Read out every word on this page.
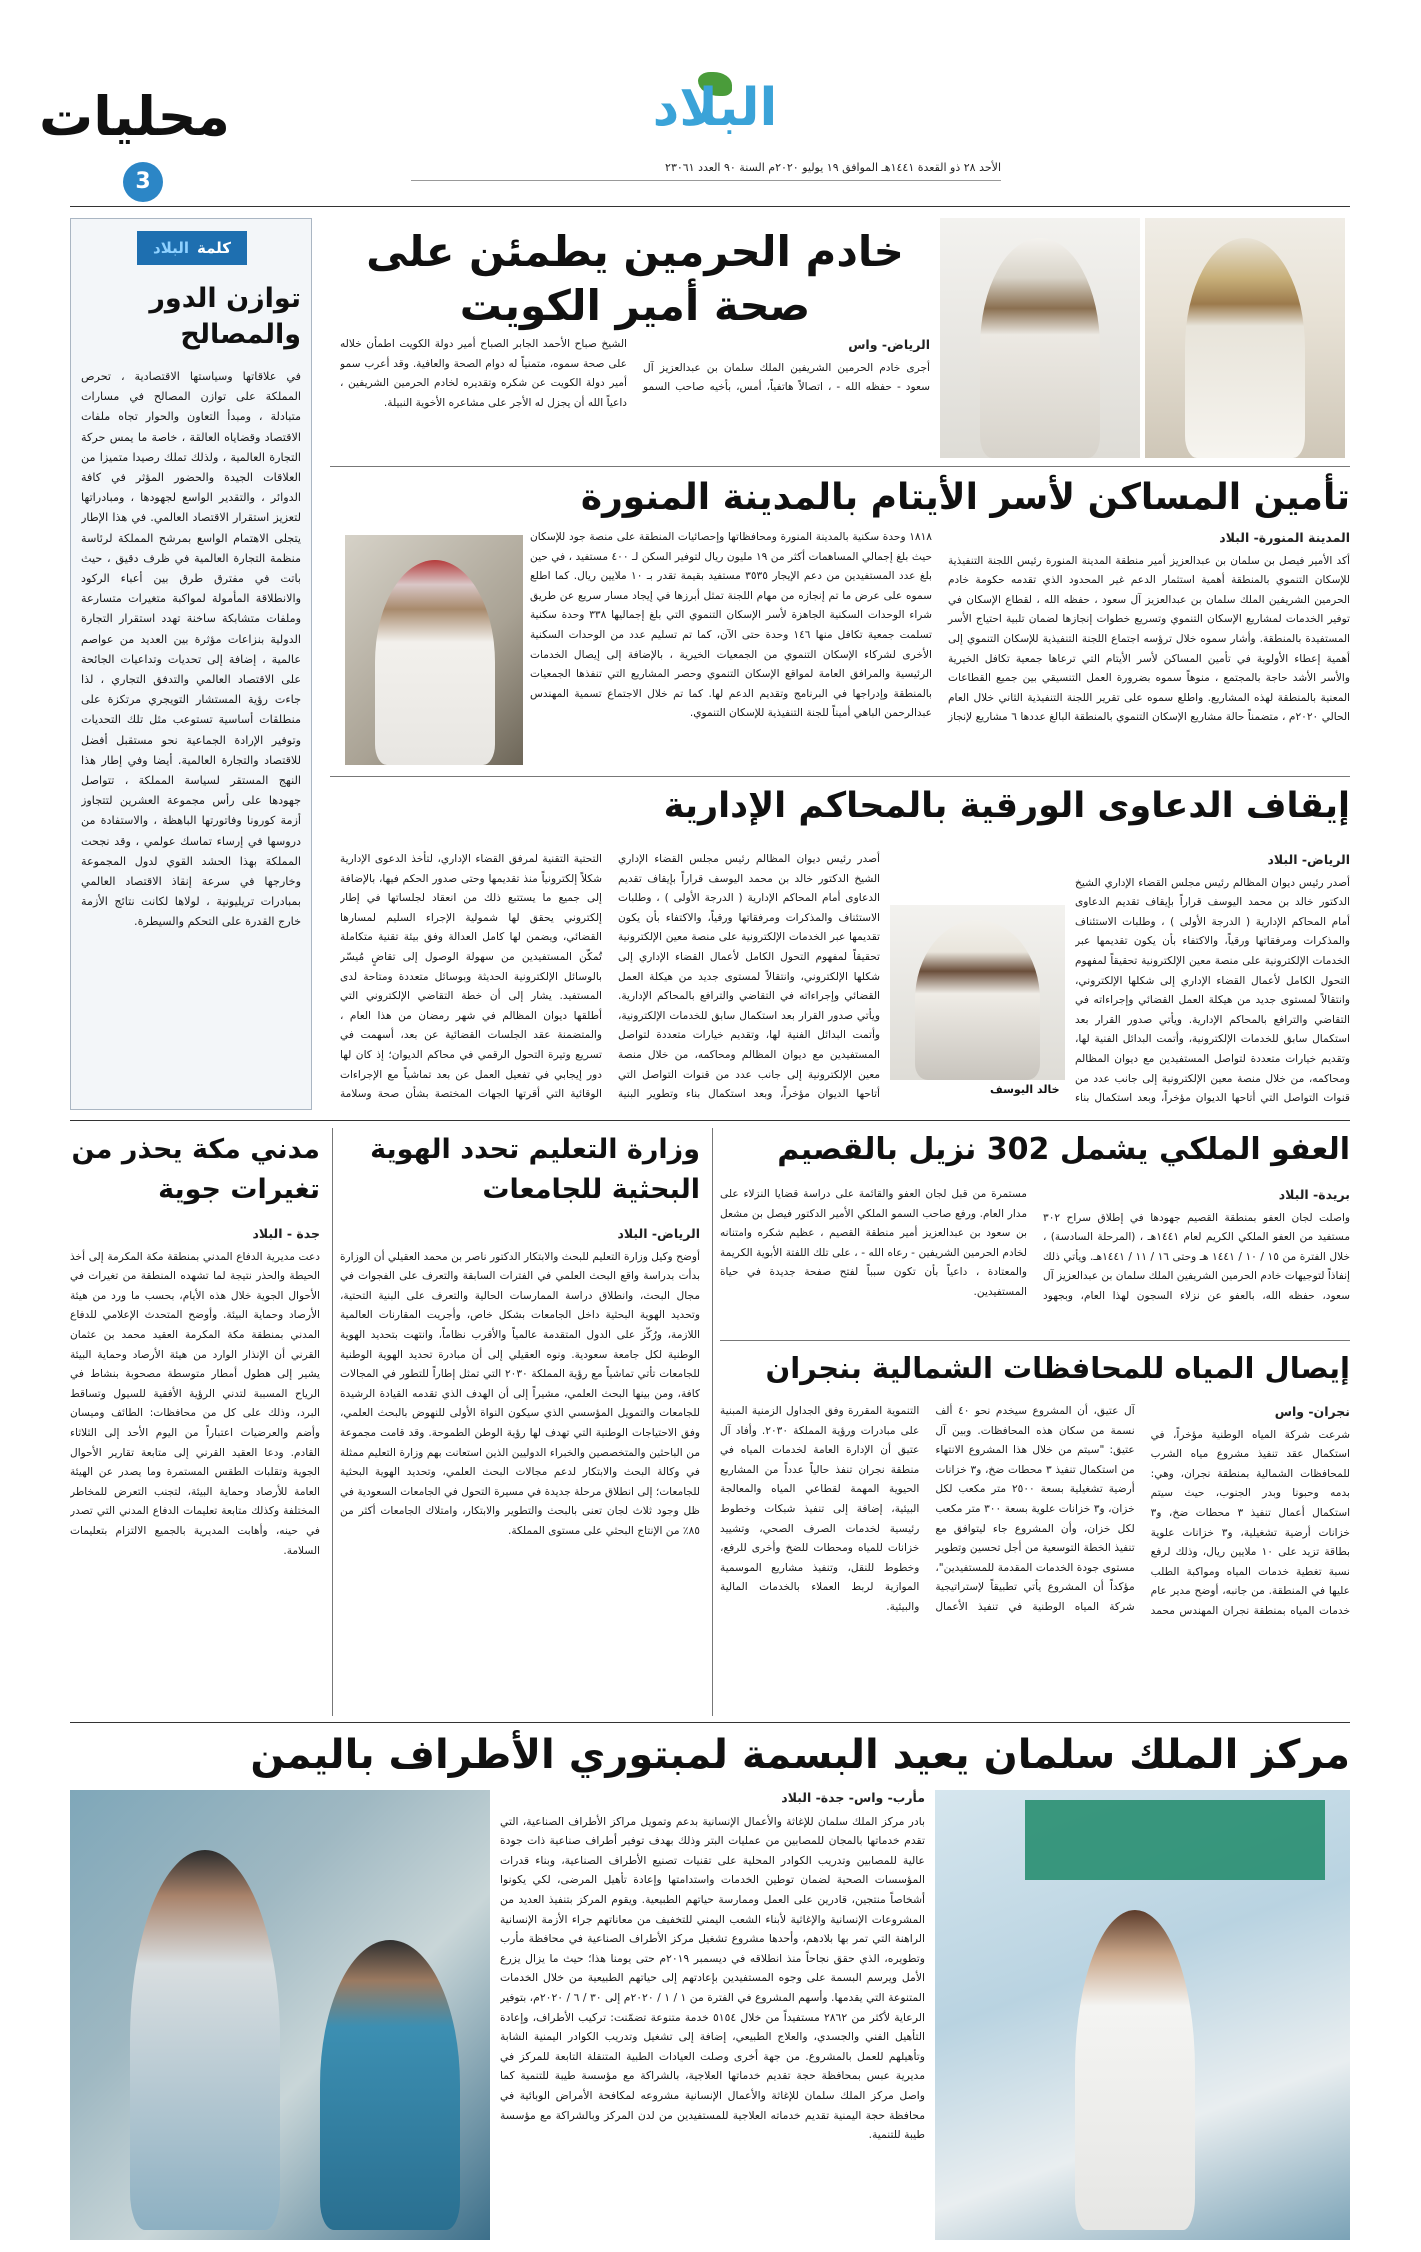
البلاد
الأحد ٢٨ ذو القعدة ١٤٤١هـ الموافق ١٩ يوليو ٢٠٢٠م السنة ٩٠ العدد ٢٣٠٦١
محليات
3
كلمةالبلاد
توازن الدور والمصالح
في علاقاتها وسياستها الاقتصادية ، تحرص المملكة على توازن المصالح في مسارات متبادلة ، ومبدأ التعاون والحوار تجاه ملفات الاقتصاد وقضاياه العالقة ، خاصة ما يمس حركة التجارة العالمية ، ولذلك تملك رصيدا متميزا من العلاقات الجيدة والحضور المؤثر في كافة الدوائر ، والتقدير الواسع لجهودها ، ومبادراتها لتعزيز استقرار الاقتصاد العالمي. في هذا الإطار يتجلى الاهتمام الواسع بمرشح المملكة لرئاسة منظمة التجارة العالمية في ظرف دقيق ، حيث باتت في مفترق طرق بين أعباء الركود والانطلاقة المأمولة لمواكبة متغيرات متسارعة وملفات متشابكة ساخنة تهدد استقرار التجارة الدولية بنزاعات مؤثرة بين العديد من عواصم عالمية ، إضافة إلى تحديات وتداعيات الجائحة على الاقتصاد العالمي والتدفق التجاري ، لذا جاءت رؤية المستشار التويجري مرتكزة على منطلقات أساسية تستوعب مثل تلك التحديات وتوفير الإرادة الجماعية نحو مستقبل أفضل للاقتصاد والتجارة العالمية. أيضا وفي إطار هذا النهج المستقر لسياسة المملكة ، تتواصل جهودها على رأس مجموعة العشرين لتتجاوز أزمة كورونا وفاتورتها الباهظة ، والاستفادة من دروسها في إرساء تماسك عولمي ، وقد نجحت المملكة بهذا الحشد القوي لدول المجموعة وخارجها في سرعة إنقاذ الاقتصاد العالمي بمبادرات تريليونية ، لولاها لكانت نتائج الأزمة خارج القدرة على التحكم والسيطرة.
خادم الحرمين يطمئن على صحة أمير الكويت
الرياض- واس
أجرى خادم الحرمين الشريفين الملك سلمان بن عبدالعزيز آل سعود - حفظه الله - ، اتصالاً هاتفياً، أمس، بأخيه صاحب السمو الشيخ صباح الأحمد الجابر الصباح أمير دولة الكويت اطمأن خلاله على صحة سموه، متمنياً له دوام الصحة والعافية. وقد أعرب سمو أمير دولة الكويت عن شكره وتقديره لخادم الحرمين الشريفين ، داعياً الله أن يجزل له الأجر على مشاعره الأخوية النبيلة.
تأمين المساكن لأسر الأيتام بالمدينة المنورة
المدينة المنورة- البلاد
أكد الأمير فيصل بن سلمان بن عبدالعزيز أمير منطقة المدينة المنورة رئيس اللجنة التنفيذية للإسكان التنموي بالمنطقة أهمية استثمار الدعم غير المحدود الذي تقدمه حكومة خادم الحرمين الشريفين الملك سلمان بن عبدالعزيز آل سعود ، حفظه الله ، لقطاع الإسكان في توفير الخدمات لمشاريع الإسكان التنموي وتسريع خطوات إنجازها لضمان تلبية احتياج الأسر المستفيدة بالمنطقة. وأشار سموه خلال ترؤسه اجتماع اللجنة التنفيذية للإسكان التنموي إلى أهمية إعطاء الأولوية في تأمين المساكن لأسر الأيتام التي ترعاها جمعية تكافل الخيرية والأسر الأشد حاجة بالمجتمع ، منوهاً سموه بضرورة العمل التنسيقي بين جميع القطاعات المعنية بالمنطقة لهذه المشاريع. واطلع سموه على تقرير اللجنة التنفيذية الثاني خلال العام الحالي ٢٠٢٠م ، متضمناً حالة مشاريع الإسكان التنموي بالمنطقة البالغ عددها ٦ مشاريع لإنجاز ١٨١٨ وحدة سكنية بالمدينة المنورة ومحافظاتها وإحصائيات المنطقة على منصة جود للإسكان حيث بلغ إجمالي المساهمات أكثر من ١٩ مليون ريال لتوفير السكن لـ ٤٠٠ مستفيد ، في حين بلغ عدد المستفيدين من دعم الإيجار ٣٥٣٥ مستفيد بقيمة تقدر بـ ١٠ ملايين ريال. كما اطلع سموه على عرض ما تم إنجازه من مهام اللجنة تمثل أبرزها في إيجاد مسار سريع عن طريق شراء الوحدات السكنية الجاهزة لأسر الإسكان التنموي التي بلغ إجماليها ٣٣٨ وحدة سكنية تسلمت جمعية تكافل منها ١٤٦ وحدة حتى الآن، كما تم تسليم عدد من الوحدات السكنية الأخرى لشركاء الإسكان التنموي من الجمعيات الخيرية ، بالإضافة إلى إيصال الخدمات الرئيسية والمرافق العامة لمواقع الإسكان التنموي وحصر المشاريع التي تنفذها الجمعيات بالمنطقة وإدراجها في البرنامج وتقديم الدعم لها. كما تم خلال الاجتماع تسمية المهندس عبدالرحمن الباهي أميناً للجنة التنفيذية للإسكان التنموي.
إيقاف الدعاوى الورقية بالمحاكم الإدارية
الرياض- البلاد
أصدر رئيس ديوان المظالم رئيس مجلس القضاء الإداري الشيخ الدكتور خالد بن محمد اليوسف قراراً بإيقاف تقديم الدعاوى أمام المحاكم الإدارية ( الدرجة الأولى ) ، وطلبات الاستئناف والمذكرات ومرفقاتها ورقياً، والاكتفاء بأن يكون تقديمها عبر الخدمات الإلكترونية على منصة معين الإلكترونية تحقيقاً لمفهوم التحول الكامل لأعمال القضاء الإداري إلى شكلها الإلكتروني، وانتقالاً لمستوى جديد من هيكلة العمل القضائي وإجراءاته في التقاضي والترافع بالمحاكم الإدارية. ويأتي صدور القرار بعد استكمال سابق للخدمات الإلكترونية، وأتمت البدائل الفنية لها، وتقديم خيارات متعددة لتواصل المستفيدين مع ديوان المظالم ومحاكمه، من خلال منصة معين الإلكترونية إلى جانب عدد من قنوات التواصل التي أتاحها الديوان مؤخراً، وبعد استكمال بناء
خالد اليوسف
أصدر رئيس ديوان المظالم رئيس مجلس القضاء الإداري الشيخ الدكتور خالد بن محمد اليوسف قراراً بإيقاف تقديم الدعاوى أمام المحاكم الإدارية ( الدرجة الأولى ) ، وطلبات الاستئناف والمذكرات ومرفقاتها ورقياً، والاكتفاء بأن يكون تقديمها عبر الخدمات الإلكترونية على منصة معين الإلكترونية تحقيقاً لمفهوم التحول الكامل لأعمال القضاء الإداري إلى شكلها الإلكتروني، وانتقالاً لمستوى جديد من هيكلة العمل القضائي وإجراءاته في التقاضي والترافع بالمحاكم الإدارية. ويأتي صدور القرار بعد استكمال سابق للخدمات الإلكترونية، وأتمت البدائل الفنية لها، وتقديم خيارات متعددة لتواصل المستفيدين مع ديوان المظالم ومحاكمه، من خلال منصة معين الإلكترونية إلى جانب عدد من قنوات التواصل التي أتاحها الديوان مؤخراً، وبعد استكمال بناء وتطوير البنية التحتية التقنية لمرفق القضاء الإداري، لتأخذ الدعوى الإدارية شكلاً إلكترونياً منذ تقديمها وحتى صدور الحكم فيها، بالإضافة إلى جميع ما يستتبع ذلك من انعقاد لجلساتها في إطار إلكتروني يحقق لها شمولية الإجراء السليم لمسارها القضائي، ويضمن لها كامل العدالة وفق بيئة تقنية متكاملة تُمكّن المستفيدين من سهولة الوصول إلى تقاضٍ مُيسّر بالوسائل الإلكترونية الحديثة وبوسائل متعددة ومتاحة لدى المستفيد. يشار إلى أن خطة التقاضي الإلكتروني التي أطلقها ديوان المظالم في شهر رمضان من هذا العام ، والمتضمنة عقد الجلسات القضائية عن بعد، أسهمت في تسريع وتيرة التحول الرقمي في محاكم الديوان؛ إذ كان لها دور إيجابي في تفعيل العمل عن بعد تماشياً مع الإجراءات الوقائية التي أقرتها الجهات المختصة بشأن صحة وسلامة
العفو الملكي يشمل 302 نزيل بالقصيم
بريدة- البلاد
واصلت لجان العفو بمنطقة القصيم جهودها في إطلاق سراح ٣٠٢ مستفيد من العفو الملكي الكريم لعام ١٤٤١هـ ، (المرحلة السادسة) ، خلال الفترة من ١٥ / ١٠ / ١٤٤١ هـ وحتى ١٦ / ١١ / ١٤٤١هـ. ويأتي ذلك إنفاذاً لتوجيهات خادم الحرمين الشريفين الملك سلمان بن عبدالعزيز آل سعود، حفظه الله، بالعفو عن نزلاء السجون لهذا العام، وبجهود مستمرة من قبل لجان العفو والقائمة على دراسة قضايا النزلاء على مدار العام. ورفع صاحب السمو الملكي الأمير الدكتور فيصل بن مشعل بن سعود بن عبدالعزيز أمير منطقة القصيم ، عظيم شكره وامتنانه لخادم الحرمين الشريفين - رعاه الله - ، على تلك اللفتة الأبوية الكريمة والمعتادة ، داعياً بأن تكون سبباً لفتح صفحة جديدة في حياة المستفيدين.
إيصال المياه للمحافظات الشمالية بنجران
نجران- واس
شرعت شركة المياه الوطنية مؤخراً، في استكمال عقد تنفيذ مشروع مياه الشرب للمحافظات الشمالية بمنطقة نجران، وهي: بدمه وحبونا وبدر الجنوب، حيث سيتم استكمال أعمال تنفيذ ٣ محطات ضخ، و٣ خزانات أرضية تشغيلية، و٣ خزانات علوية بطاقة تزيد على ١٠ ملايين ريال، وذلك لرفع نسبة تغطية خدمات المياه ومواكبة الطلب عليها في المنطقة. من جانبه، أوضح مدير عام خدمات المياه بمنطقة نجران المهندس محمد آل عتيق، أن المشروع سيخدم نحو ٤٠ ألف نسمة من سكان هذه المحافظات. وبين آل عتيق: "سيتم من خلال هذا المشروع الانتهاء من استكمال تنفيذ ٣ محطات ضخ، و٣ خزانات أرضية تشغيلية بسعة ٢٥٠٠ متر مكعب لكل خزان، و٣ خزانات علوية بسعة ٣٠٠ متر مكعب لكل خزان، وأن المشروع جاء ليتوافق مع تنفيذ الخطة التوسعية من أجل تحسين وتطوير مستوى جودة الخدمات المقدمة للمستفيدين"، مؤكداً أن المشروع يأتي تطبيقاً لإستراتيجية شركة المياه الوطنية في تنفيذ الأعمال التنموية المقررة وفق الجداول الزمنية المبنية على مبادرات ورؤية المملكة ٢٠٣٠. وأفاد آل عتيق أن الإدارة العامة لخدمات المياه في منطقة نجران تنفذ حالياً عدداً من المشاريع الحيوية المهمة لقطاعي المياه والمعالجة البيئية، إضافة إلى تنفيذ شبكات وخطوط رئيسية لخدمات الصرف الصحي، وتشييد خزانات للمياه ومحطات للضخ وأخرى للرفع، وخطوط للنقل، وتنفيذ مشاريع الموسمية الموازية لربط العملاء بالخدمات المالية والبيئية.
وزارة التعليم تحدد الهوية البحثية للجامعات
الرياض- البلاد
أوضح وكيل وزارة التعليم للبحث والابتكار الدكتور ناصر بن محمد العقيلي أن الوزارة بدأت بدراسة واقع البحث العلمي في الفترات السابقة والتعرف على الفجوات في مجال البحث، وانطلاق دراسة الممارسات الحالية والتعرف على البنية التحتية، وتحديد الهوية البحثية داخل الجامعات بشكل خاص، وأجريت المقارنات العالمية اللازمة، ورُكّز على الدول المتقدمة عالمياً والأقرب نظاماً، وانتهت بتحديد الهوية الوطنية لكل جامعة سعودية. ونوه العقيلي إلى أن مبادرة تحديد الهوية الوطنية للجامعات تأتي تماشياً مع رؤية المملكة ٢٠٣٠ التي تمثل إطاراً للتطور في المجالات كافة، ومن بينها البحث العلمي، مشيراً إلى أن الهدف الذي تقدمه القيادة الرشيدة للجامعات والتمويل المؤسسي الذي سيكون النواة الأولى للنهوض بالبحث العلمي، وفق الاحتياجات الوطنية التي تهدف لها رؤية الوطن الطموحة. وقد قامت مجموعة من الباحثين والمتخصصين والخبراء الدوليين الذين استعانت بهم وزارة التعليم ممثلة في وكالة البحث والابتكار لدعم مجالات البحث العلمي، وتحديد الهوية البحثية للجامعات؛ إلى انطلاق مرحلة جديدة في مسيرة التحول في الجامعات السعودية في ظل وجود ثلاث لجان تعنى بالبحث والتطوير والابتكار، وامتلاك الجامعات أكثر من ٨٥٪ من الإنتاج البحثي على مستوى المملكة.
مدني مكة يحذر من تغيرات جوية
جدة - البلاد
دعت مديرية الدفاع المدني بمنطقة مكة المكرمة إلى أخذ الحيطة والحذر نتيجة لما تشهده المنطقة من تغيرات في الأحوال الجوية خلال هذه الأيام، بحسب ما ورد من هيئة الأرصاد وحماية البيئة. وأوضح المتحدث الإعلامي للدفاع المدني بمنطقة مكة المكرمة العقيد محمد بن عثمان القرني أن الإنذار الوارد من هيئة الأرصاد وحماية البيئة يشير إلى هطول أمطار متوسطة مصحوبة بنشاط في الرياح المسببة لتدني الرؤية الأفقية للسيول وتساقط البرد، وذلك على كل من محافظات: الطائف وميسان وأضم والعرضيات اعتباراً من اليوم الأحد إلى الثلاثاء القادم. ودعا العقيد القرني إلى متابعة تقارير الأحوال الجوية وتقلبات الطقس المستمرة وما يصدر عن الهيئة العامة للأرصاد وحماية البيئة، لتجنب التعرض للمخاطر المختلفة وكذلك متابعة تعليمات الدفاع المدني التي تصدر في حينه، وأهابت المديرية بالجميع الالتزام بتعليمات السلامة.
مركز الملك سلمان يعيد البسمة لمبتوري الأطراف باليمن
مأرب- واس- جدة- البلاد
بادر مركز الملك سلمان للإغاثة والأعمال الإنسانية بدعم وتمويل مراكز الأطراف الصناعية، التي تقدم خدماتها بالمجان للمصابين من عمليات البتر وذلك بهدف توفير أطراف صناعية ذات جودة عالية للمصابين وتدريب الكوادر المحلية على تقنيات تصنيع الأطراف الصناعية، وبناء قدرات المؤسسات الصحية لضمان توطين الخدمات واستدامتها وإعادة تأهيل المرضى، لكي يكونوا أشخاصاً منتجين، قادرين على العمل وممارسة حياتهم الطبيعية. ويقوم المركز بتنفيذ العديد من المشروعات الإنسانية والإغاثية لأبناء الشعب اليمني للتخفيف من معاناتهم جراء الأزمة الإنسانية الراهنة التي تمر بها بلادهم، وأحدها مشروع تشغيل مركز الأطراف الصناعية في محافظة مأرب وتطويره، الذي حقق نجاحاً منذ انطلاقه في ديسمبر ٢٠١٩م حتى يومنا هذا؛ حيث ما يزال يزرع الأمل ويرسم البسمة على وجوه المستفيدين بإعادتهم إلى حياتهم الطبيعية من خلال الخدمات المتنوعة التي يقدمها. وأسهم المشروع في الفترة من ١ / ١ / ٢٠٢٠م إلى ٣٠ / ٦ / ٢٠٢٠م، بتوفير الرعاية لأكثر من ٢٨٦٢ مستفيداً من خلال ٥١٥٤ خدمة متنوعة تضمّنت: تركيب الأطراف، وإعادة التأهيل الفني والجسدي، والعلاج الطبيعي، إضافة إلى تشغيل وتدريب الكوادر اليمنية الشابة وتأهيلهم للعمل بالمشروع. من جهة أخرى وصلت العيادات الطبية المتنقلة التابعة للمركز في مديرية عبس بمحافظة حجة تقديم خدماتها العلاجية، بالشراكة مع مؤسسة طيبة للتنمية كما واصل مركز الملك سلمان للإغاثة والأعمال الإنسانية مشروعه لمكافحة الأمراض الوبائية في محافظة حجة اليمنية تقديم خدماته العلاجية للمستفيدين من لدن المركز وبالشراكة مع مؤسسة طيبة للتنمية.
